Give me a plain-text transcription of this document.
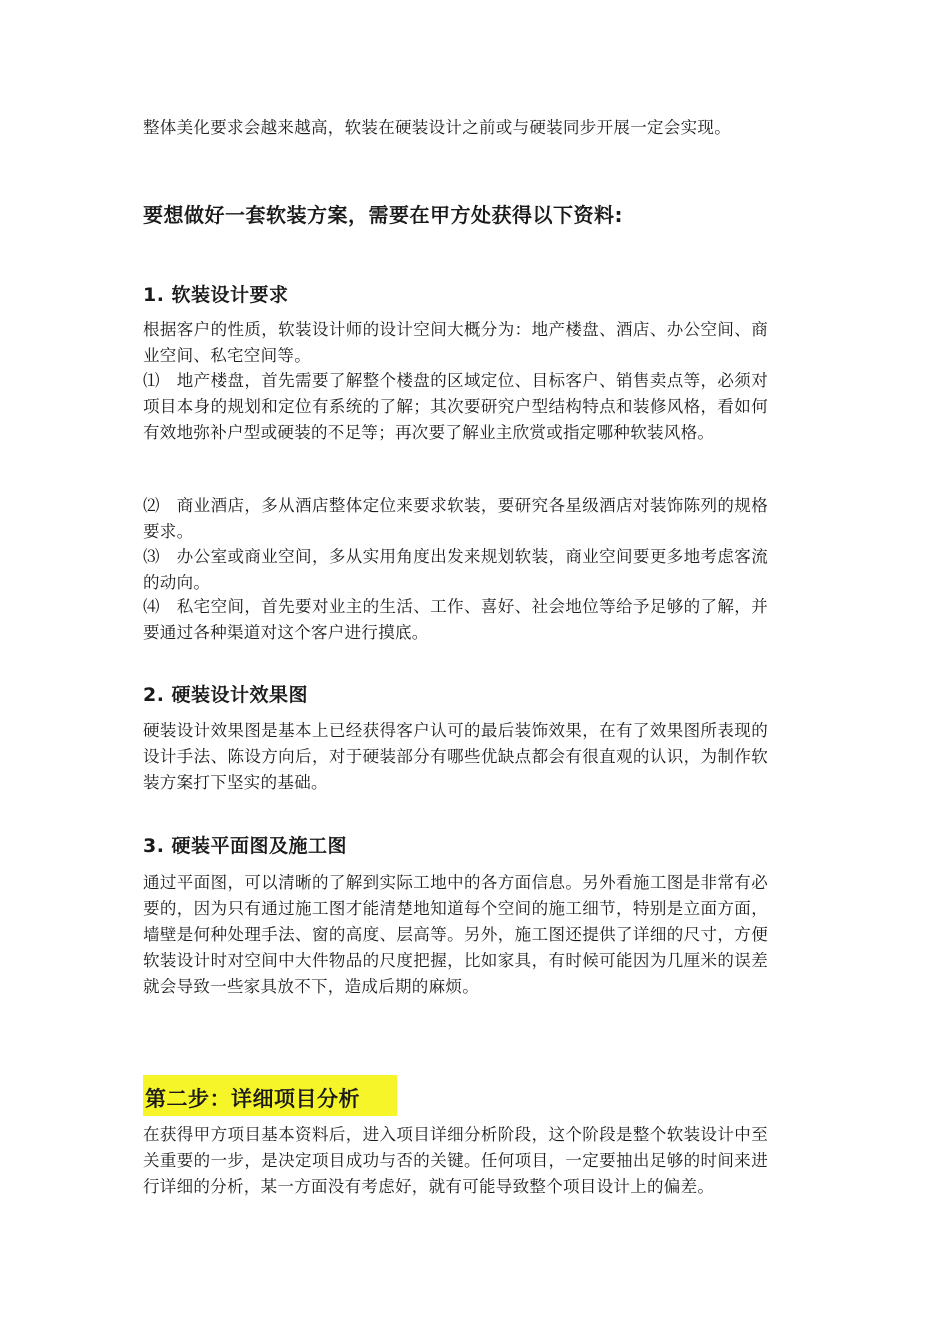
整体美化要求会越来越高，软装在硬装设计之前或与硬装同步开展一定会实现。

要想做好一套软装方案，需要在甲方处获得以下资料:
1. 软装设计要求

根据客户的性质，软装设计师的设计空间大概分为：地产楼盘、酒店、办公空间、商业空间、私宅空间等。

⑴　地产楼盘，首先需要了解整个楼盘的区域定位、目标客户、销售卖点等，必须对项目本身的规划和定位有系统的了解；其次要研究户型结构特点和装修风格，看如何有效地弥补户型或硬装的不足等；再次要了解业主欣赏或指定哪种软装风格。

⑵　商业酒店，多从酒店整体定位来要求软装，要研究各星级酒店对装饰陈列的规格要求。

⑶　办公室或商业空间，多从实用角度出发来规划软装，商业空间要更多地考虑客流的动向。

⑷　私宅空间，首先要对业主的生活、工作、喜好、社会地位等给予足够的了解，并要通过各种渠道对这个客户进行摸底。

2. 硬装设计效果图

硬装设计效果图是基本上已经获得客户认可的最后装饰效果，在有了效果图所表现的设计手法、陈设方向后，对于硬装部分有哪些优缺点都会有很直观的认识，为制作软装方案打下坚实的基础。

3. 硬装平面图及施工图

通过平面图，可以清晰的了解到实际工地中的各方面信息。另外看施工图是非常有必要的，因为只有通过施工图才能清楚地知道每个空间的施工细节，特别是立面方面，墙壁是何种处理手法、窗的高度、层高等。另外，施工图还提供了详细的尺寸，方便软装设计时对空间中大件物品的尺度把握，比如家具，有时候可能因为几厘米的误差就会导致一些家具放不下，造成后期的麻烦。

第二步：详细项目分析

在获得甲方项目基本资料后，进入项目详细分析阶段，这个阶段是整个软装设计中至关重要的一步，是决定项目成功与否的关键。任何项目，一定要抽出足够的时间来进行详细的分析，某一方面没有考虑好，就有可能导致整个项目设计上的偏差。
